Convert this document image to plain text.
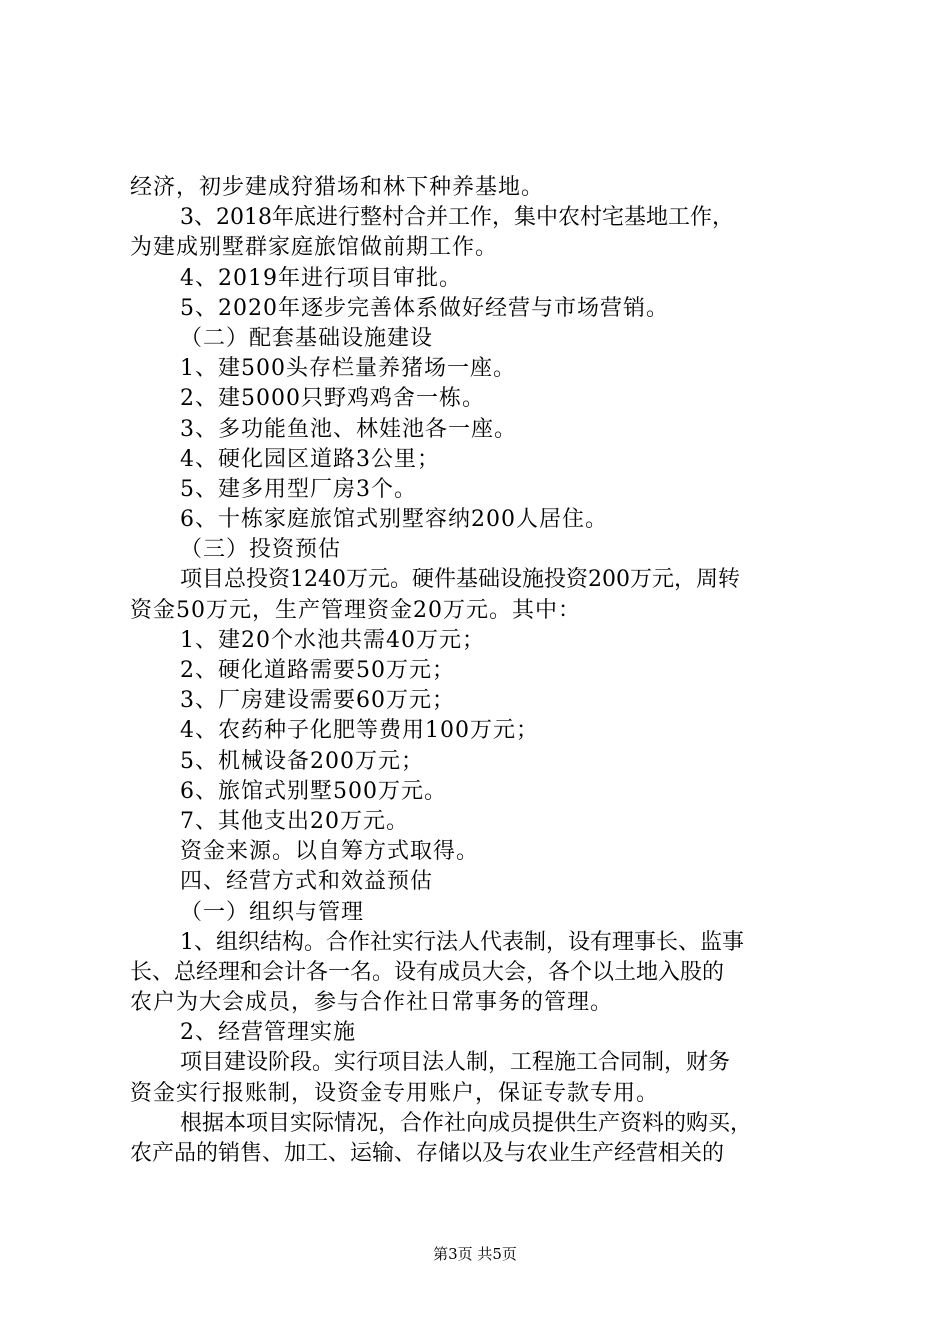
经济，初步建成狩猎场和林下种养基地。
3、2018年底进行整村合并工作，集中农村宅基地工作，
为建成别墅群家庭旅馆做前期工作。
4、2019年进行项目审批。
5、2020年逐步完善体系做好经营与市场营销。
（二）配套基础设施建设
1、建500头存栏量养猪场一座。
2、建5000只野鸡鸡舍一栋。
3、多功能鱼池、林娃池各一座。
4、硬化园区道路3公里；
5、建多用型厂房3个。
6、十栋家庭旅馆式别墅容纳200人居住。
（三）投资预估
项目总投资1240万元。硬件基础设施投资200万元，周转
资金50万元，生产管理资金20万元。其中：
1、建20个水池共需40万元；
2、硬化道路需要50万元；
3、厂房建设需要60万元；
4、农药种子化肥等费用100万元；
5、机械设备200万元；
6、旅馆式别墅500万元。
7、其他支出20万元。
资金来源。以自筹方式取得。
四、经营方式和效益预估
（一）组织与管理
1、组织结构。合作社实行法人代表制，设有理事长、监事
长、总经理和会计各一名。设有成员大会，各个以土地入股的
农户为大会成员，参与合作社日常事务的管理。
2、经营管理实施
项目建设阶段。实行项目法人制，工程施工合同制，财务
资金实行报账制，设资金专用账户，保证专款专用。
根据本项目实际情况，合作社向成员提供生产资料的购买，
农产品的销售、加工、运输、存储以及与农业生产经营相关的
第3页 共5页
